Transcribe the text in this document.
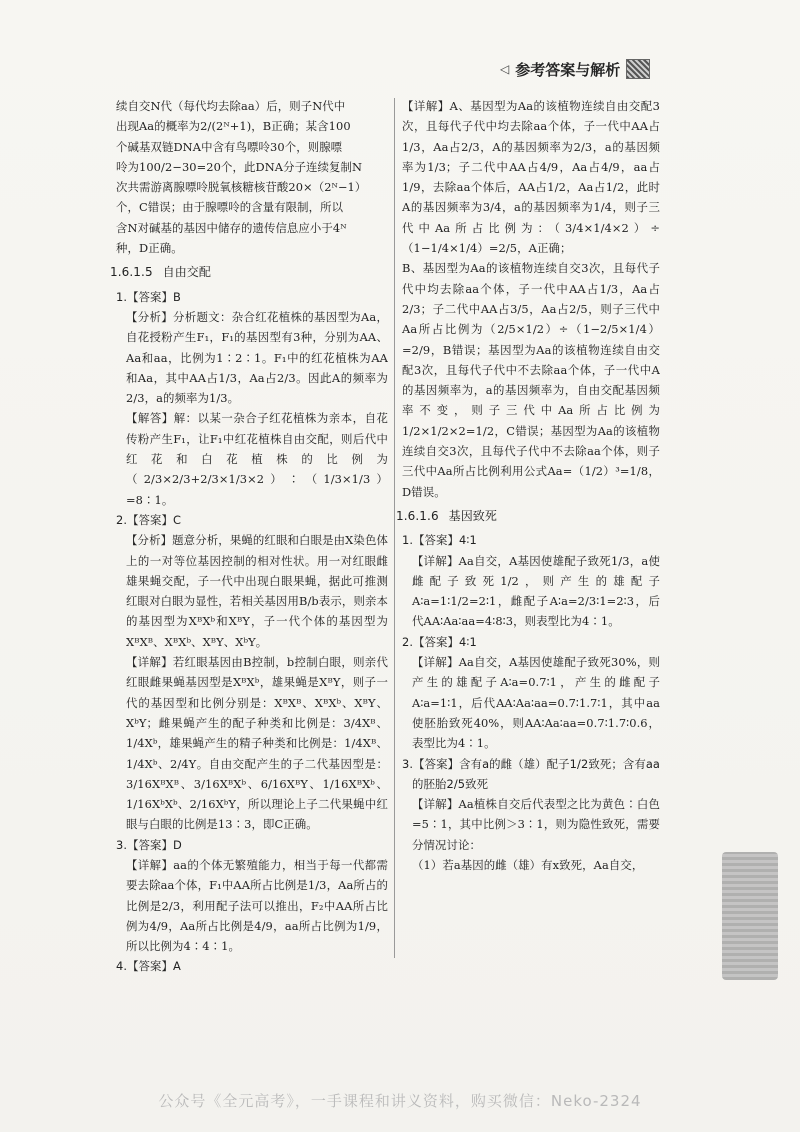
◁ 参考答案与解析

续自交N代（每代均去除aa）后，则子N代中

出现Aa的概率为2/(2ᴺ+1)，B正确；某含100

个碱基双链DNA中含有鸟嘌呤30个，则腺嘌

呤为100/2−30=20个，此DNA分子连续复制N

次共需游离腺嘌呤脱氧核糖核苷酸20×（2ᴺ−1）

个，C错误；由于腺嘌呤的含量有限制，所以

含N对碱基的基因中储存的遗传信息应小于4ᴺ

种，D正确。

1.6.1.5 自由交配

1.【答案】B

【分析】分析题文：杂合红花植株的基因型为Aa，自花授粉产生F₁，F₁的基因型有3种，分别为AA、Aa和aa，比例为1∶2∶1。F₁中的红花植株为AA和Aa，其中AA占1/3，Aa占2/3。因此A的频率为2/3，a的频率为1/3。

【解答】解：以某一杂合子红花植株为亲本，自花传粉产生F₁，让F₁中红花植株自由交配，则后代中红花和白花植株的比例为（2/3×2/3+2/3×1/3×2）∶（1/3×1/3）=8∶1。

2.【答案】C

【分析】题意分析，果蝇的红眼和白眼是由X染色体上的一对等位基因控制的相对性状。用一对红眼雌雄果蝇交配，子一代中出现白眼果蝇，据此可推测红眼对白眼为显性，若相关基因用B/b表示，则亲本的基因型为XᴮXᵇ和XᴮY，子一代个体的基因型为XᴮXᴮ、XᴮXᵇ、XᴮY、XᵇY。

【详解】若红眼基因由B控制，b控制白眼，则亲代红眼雌果蝇基因型是XᴮXᵇ，雄果蝇是XᴮY，则子一代的基因型和比例分别是：XᴮXᴮ、XᴮXᵇ、XᴮY、XᵇY；雌果蝇产生的配子种类和比例是：3/4Xᴮ、1/4Xᵇ，雄果蝇产生的精子种类和比例是：1/4Xᴮ、1/4Xᵇ、2/4Y。自由交配产生的子二代基因型是：3/16XᴮXᴮ、3/16XᴮXᵇ、6/16XᴮY、1/16XᴮXᵇ、1/16XᵇXᵇ、2/16XᵇY，所以理论上子二代果蝇中红眼与白眼的比例是13∶3，即C正确。

3.【答案】D

【详解】aa的个体无繁殖能力，相当于每一代都需要去除aa个体，F₁中AA所占比例是1/3，Aa所占的比例是2/3，利用配子法可以推出，F₂中AA所占比例为4/9，Aa所占比例是4/9，aa所占比例为1/9，所以比例为4∶4∶1。

4.【答案】A

【详解】A、基因型为Aa的该植物连续自由交配3次，且每代子代中均去除aa个体，子一代中AA占1/3，Aa占2/3，A的基因频率为2/3，a的基因频率为1/3；子二代中AA占4/9，Aa占4/9，aa占1/9，去除aa个体后，AA占1/2，Aa占1/2，此时A的基因频率为3/4，a的基因频率为1/4，则子三代中Aa所占比例为：（3/4×1/4×2）÷（1−1/4×1/4）=2/5，A正确；

B、基因型为Aa的该植物连续自交3次，且每代子代中均去除aa个体，子一代中AA占1/3，Aa占2/3；子二代中AA占3/5，Aa占2/5，则子三代中Aa所占比例为（2/5×1/2）÷（1−2/5×1/4）=2/9，B错误；基因型为Aa的该植物连续自由交配3次，且每代子代中不去除aa个体，子一代中A的基因频率为，a的基因频率为，自由交配基因频率不变，则子三代中Aa所占比例为1/2×1/2×2=1/2，C错误；基因型为Aa的该植物连续自交3次，且每代子代中不去除aa个体，则子三代中Aa所占比例利用公式Aa=（1/2）³=1/8，D错误。

1.6.1.6 基因致死

1.【答案】4∶1

【详解】Aa自交，A基因使雄配子致死1/3，a使雌配子致死1/2，则产生的雄配子A∶a=1∶1/2=2∶1，雌配子A∶a=2/3∶1=2∶3，后代AA∶Aa∶aa=4∶8∶3，则表型比为4∶1。

2.【答案】4∶1

【详解】Aa自交，A基因使雄配子致死30%，则产生的雄配子A∶a=0.7∶1，产生的雌配子A∶a=1∶1，后代AA∶Aa∶aa=0.7∶1.7∶1，其中aa使胚胎致死40%，则AA∶Aa∶aa=0.7∶1.7∶0.6，表型比为4∶1。

3.【答案】含有a的雌（雄）配子1/2致死；含有aa的胚胎2/5致死

【详解】Aa植株自交后代表型之比为黄色∶白色=5∶1，其中比例＞3∶1，则为隐性致死，需要分情况讨论：

（1）若a基因的雌（雄）有x致死，Aa自交，

公众号《全元高考》，一手课程和讲义资料，购买微信：Neko-2324
